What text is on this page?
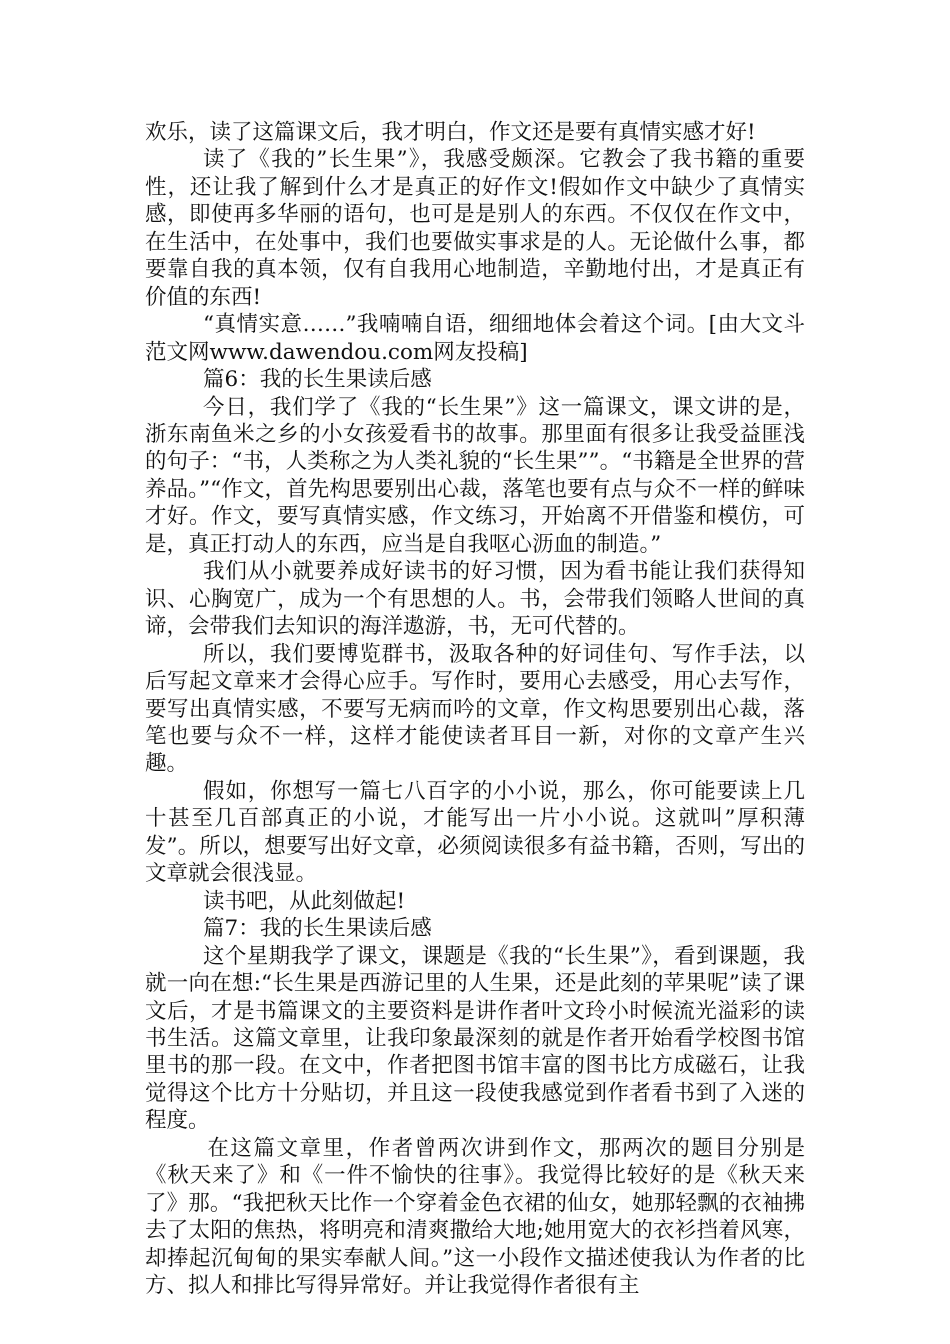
欢乐，读了这篇课文后，我才明白，作文还是要有真情实感才好!

读了《我的”长生果”》，我感受颇深。它教会了我书籍的重要性，还让我了解到什么才是真正的好作文!假如作文中缺少了真情实感，即使再多华丽的语句，也可是是别人的东西。不仅仅在作文中，在生活中，在处事中，我们也要做实事求是的人。无论做什么事，都要靠自我的真本领，仅有自我用心地制造，辛勤地付出，才是真正有价值的东西!

“真情实意……”我喃喃自语，细细地体会着这个词。[由大文斗范文网www.dawendou.com网友投稿]

篇6：我的长生果读后感

今日，我们学了《我的“长生果”》这一篇课文，课文讲的是，浙东南鱼米之乡的小女孩爱看书的故事。那里面有很多让我受益匪浅的句子：“书，人类称之为人类礼貌的“长生果””。“书籍是全世界的营养品。”“作文，首先构思要别出心裁，落笔也要有点与众不一样的鲜味才好。作文，要写真情实感，作文练习，开始离不开借鉴和模仿，可是，真正打动人的东西，应当是自我呕心沥血的制造。”

我们从小就要养成好读书的好习惯，因为看书能让我们获得知识、心胸宽广，成为一个有思想的人。书，会带我们领略人世间的真谛，会带我们去知识的海洋遨游，书，无可代替的。

所以，我们要博览群书，汲取各种的好词佳句、写作手法，以后写起文章来才会得心应手。写作时，要用心去感受，用心去写作，要写出真情实感，不要写无病而吟的文章，作文构思要别出心裁，落笔也要与众不一样，这样才能使读者耳目一新，对你的文章产生兴趣。

假如，你想写一篇七八百字的小小说，那么，你可能要读上几十甚至几百部真正的小说，才能写出一片小小说。这就叫”厚积薄发”。所以，想要写出好文章，必须阅读很多有益书籍，否则，写出的文章就会很浅显。

读书吧，从此刻做起!

篇7：我的长生果读后感

这个星期我学了课文，课题是《我的“长生果”》，看到课题，我就一向在想:“长生果是西游记里的人生果，还是此刻的苹果呢”读了课文后，才是书篇课文的主要资料是讲作者叶文玲小时候流光溢彩的读书生活。这篇文章里，让我印象最深刻的就是作者开始看学校图书馆里书的那一段。在文中，作者把图书馆丰富的图书比方成磁石，让我觉得这个比方十分贴切，并且这一段使我感觉到作者看书到了入迷的程度。

在这篇文章里，作者曾两次讲到作文，那两次的题目分别是《秋天来了》和《一件不愉快的往事》。我觉得比较好的是《秋天来了》那。“我把秋天比作一个穿着金色衣裙的仙女，她那轻飘的衣袖拂去了太阳的焦热，将明亮和清爽撒给大地;她用宽大的衣衫挡着风寒，却捧起沉甸甸的果实奉献人间。”这一小段作文描述使我认为作者的比方、拟人和排比写得异常好。并让我觉得作者很有主
